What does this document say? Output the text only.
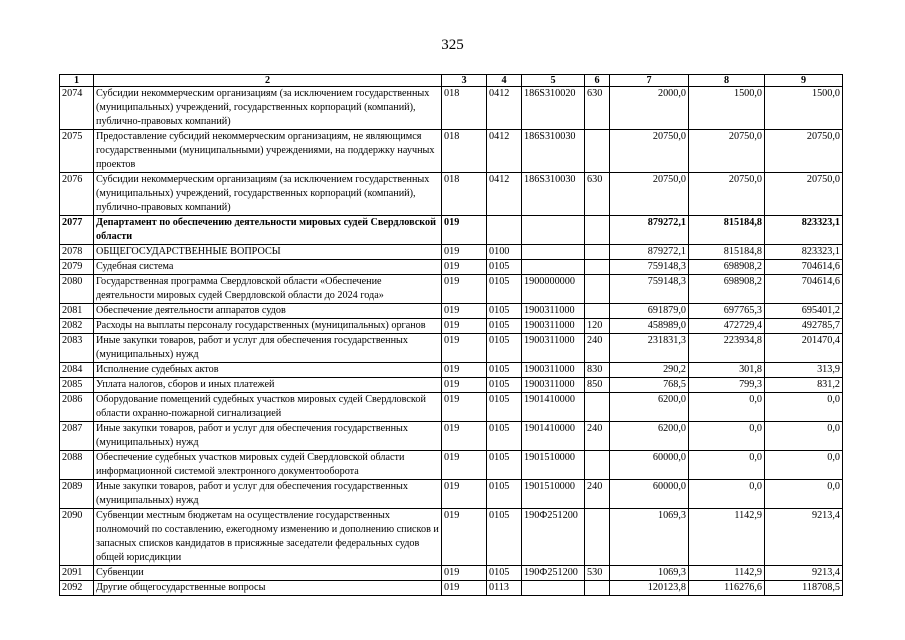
325
1	2	3	4	5	6	7	8	9
2074	Субсидии некоммерческим организациям (за исключением государственных (муниципальных) учреждений, государственных корпораций (компаний), публично-правовых компаний)	018	0412	186S310020	630	2000,0	1500,0	1500,0
2075	Предоставление субсидий некоммерческим организациям, не являющимся государственными (муниципальными) учреждениями, на поддержку научных проектов	018	0412	186S310030		20750,0	20750,0	20750,0
2076	Субсидии некоммерческим организациям (за исключением государственных (муниципальных) учреждений, государственных корпораций (компаний), публично-правовых компаний)	018	0412	186S310030	630	20750,0	20750,0	20750,0
2077	Департамент по обеспечению деятельности мировых судей Свердловской области	019				879272,1	815184,8	823323,1
2078	ОБЩЕГОСУДАРСТВЕННЫЕ ВОПРОСЫ	019	0100			879272,1	815184,8	823323,1
2079	Судебная система	019	0105			759148,3	698908,2	704614,6
2080	Государственная программа Свердловской области «Обеспечение деятельности мировых судей Свердловской области до 2024 года»	019	0105	1900000000		759148,3	698908,2	704614,6
2081	Обеспечение деятельности аппаратов судов	019	0105	1900311000		691879,0	697765,3	695401,2
2082	Расходы на выплаты персоналу государственных (муниципальных) органов	019	0105	1900311000	120	458989,0	472729,4	492785,7
2083	Иные закупки товаров, работ и услуг для обеспечения государственных (муниципальных) нужд	019	0105	1900311000	240	231831,3	223934,8	201470,4
2084	Исполнение судебных актов	019	0105	1900311000	830	290,2	301,8	313,9
2085	Уплата налогов, сборов и иных платежей	019	0105	1900311000	850	768,5	799,3	831,2
2086	Оборудование помещений судебных участков мировых судей Свердловской области охранно-пожарной сигнализацией	019	0105	1901410000		6200,0	0,0	0,0
2087	Иные закупки товаров, работ и услуг для обеспечения государственных (муниципальных) нужд	019	0105	1901410000	240	6200,0	0,0	0,0
2088	Обеспечение судебных участков мировых судей Свердловской области информационной системой электронного документооборота	019	0105	1901510000		60000,0	0,0	0,0
2089	Иные закупки товаров, работ и услуг для обеспечения государственных (муниципальных) нужд	019	0105	1901510000	240	60000,0	0,0	0,0
2090	Субвенции местным бюджетам на осуществление государственных полномочий по составлению, ежегодному изменению и дополнению списков и запасных списков кандидатов в присяжные заседатели федеральных судов общей юрисдикции	019	0105	190Ф251200		1069,3	1142,9	9213,4
2091	Субвенции	019	0105	190Ф251200	530	1069,3	1142,9	9213,4
2092	Другие общегосударственные вопросы	019	0113			120123,8	116276,6	118708,5
